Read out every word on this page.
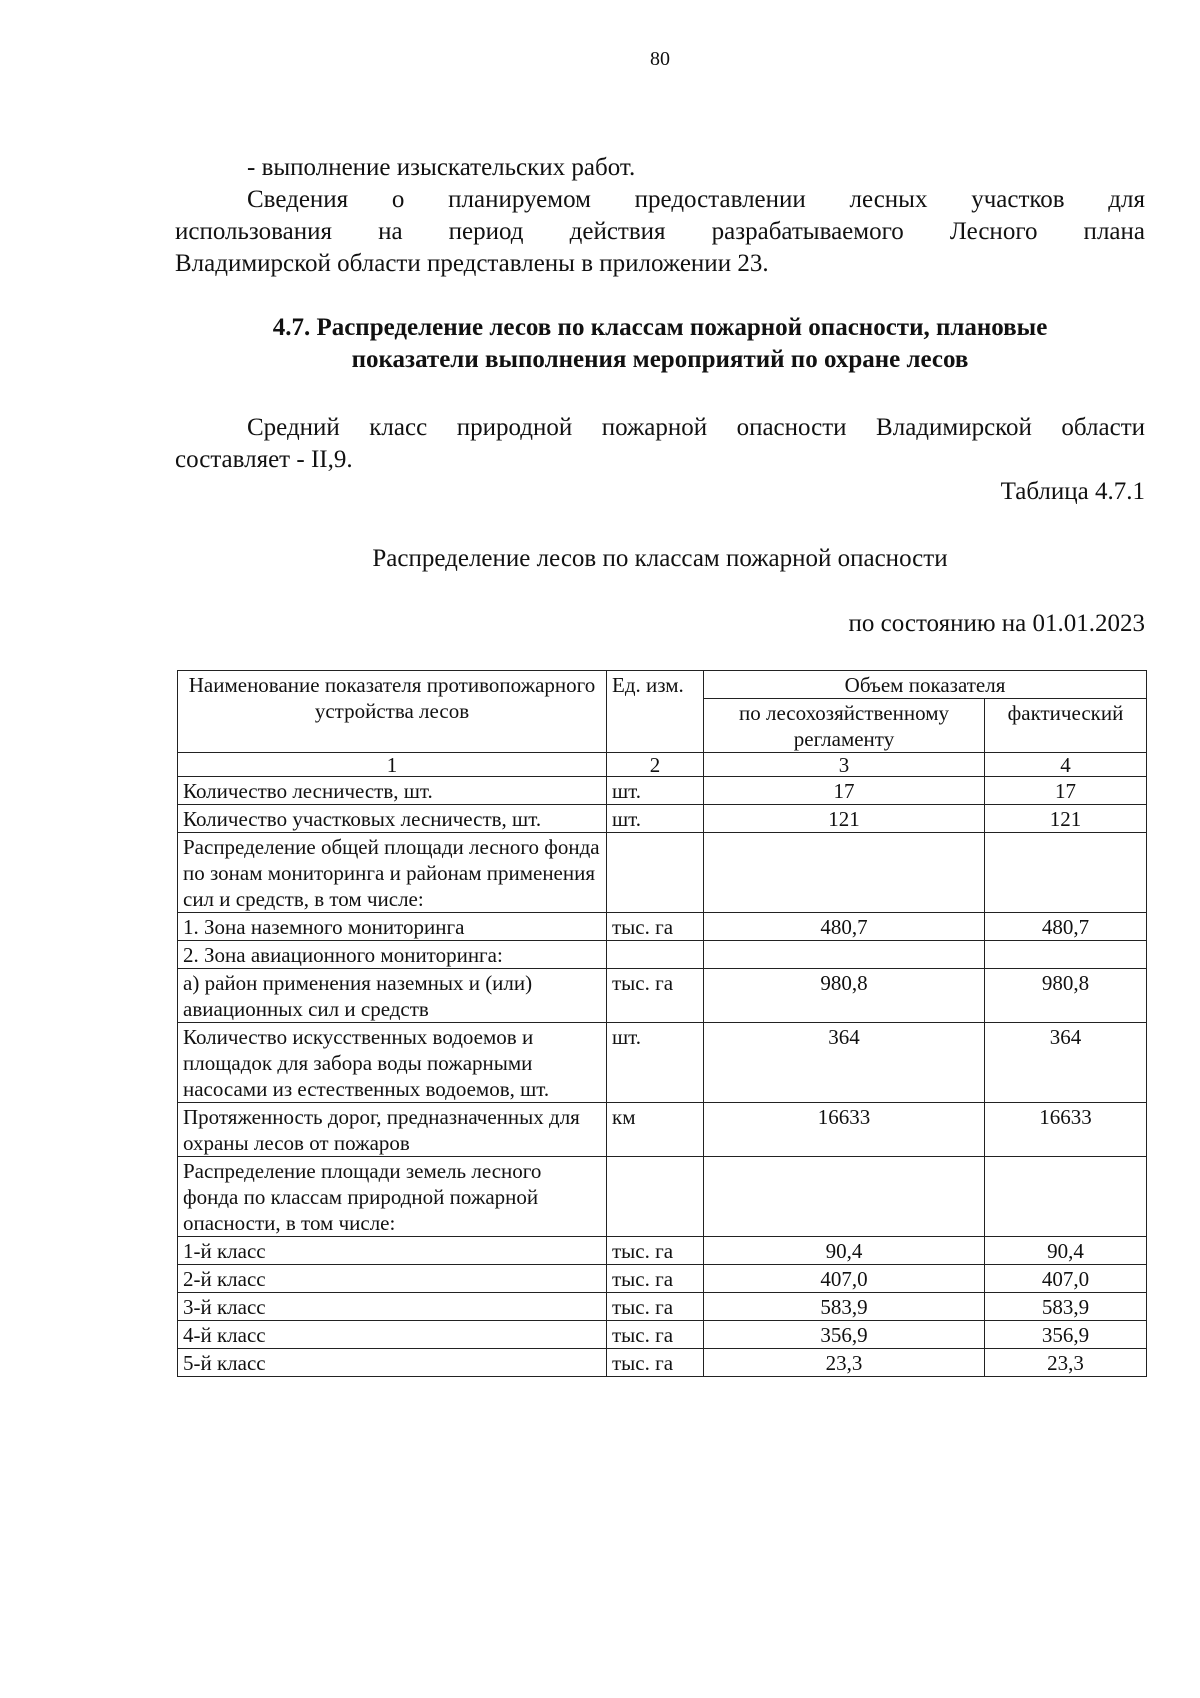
80
- выполнение изыскательских работ.
Сведения о планируемом предоставлении лесных участков для
использования на период действия разрабатываемого Лесного плана
Владимирской области представлены в приложении 23.
4.7. Распределение лесов по классам пожарной опасности, плановые
показатели выполнения мероприятий по охране лесов
Средний класс природной пожарной опасности Владимирской области
составляет - II,9.
Таблица 4.7.1
Распределение лесов по классам пожарной опасности
по состоянию на 01.01.2023
Наименование показателя противопожарного устройства лесов	Ед. изм.	Объем показателя	
		по лесохозяйственному регламенту	фактический
1	2	3	4
Количество лесничеств, шт.	шт.	17	17
Количество участковых лесничеств, шт.	шт.	121	121
Распределение общей площади лесного фонда по зонам мониторинга и районам применения сил и средств, в том числе:			
1. Зона наземного мониторинга	тыс. га	480,7	480,7
2. Зона авиационного мониторинга:			
а) район применения наземных и (или) авиационных сил и средств	тыс. га	980,8	980,8
Количество искусственных водоемов и площадок для забора воды пожарными насосами из естественных водоемов, шт.	шт.	364	364
Протяженность дорог, предназначенных для охраны лесов от пожаров	км	16633	16633
Распределение площади земель лесного фонда по классам природной пожарной опасности, в том числе:			
1-й класс	тыс. га	90,4	90,4
2-й класс	тыс. га	407,0	407,0
3-й класс	тыс. га	583,9	583,9
4-й класс	тыс. га	356,9	356,9
5-й класс	тыс. га	23,3	23,3
